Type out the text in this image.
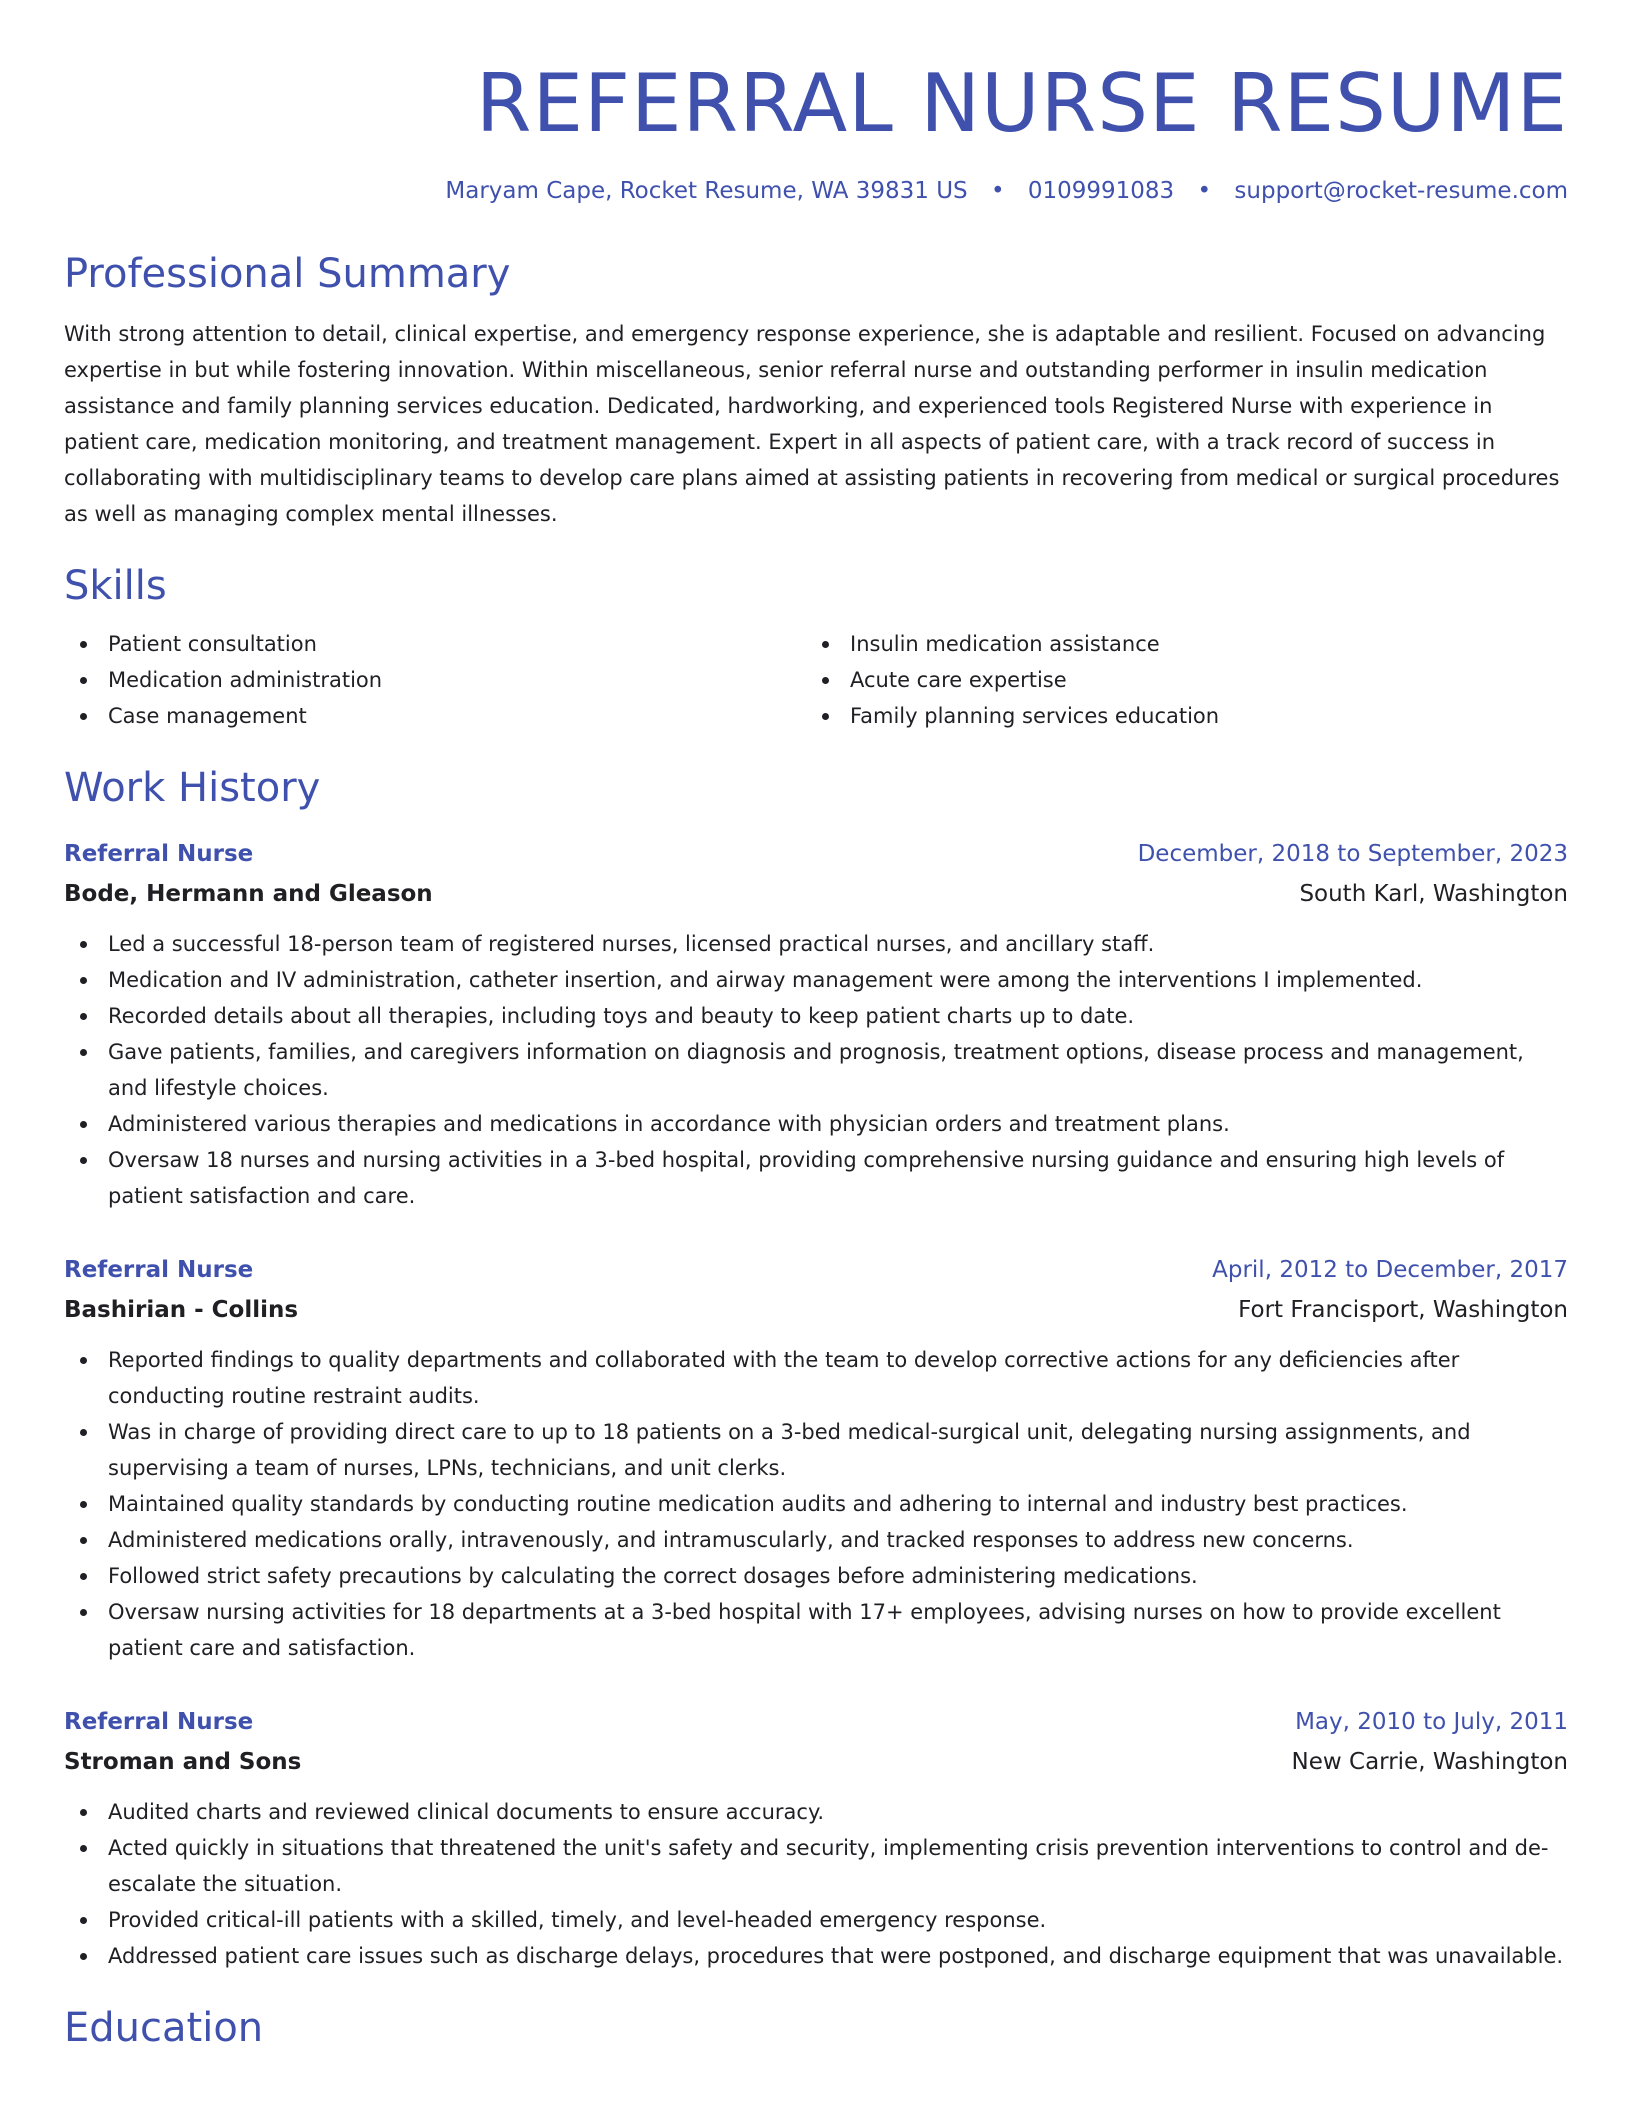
REFERRAL NURSE RESUME
Maryam Cape, Rocket Resume, WA 39831 US • 0109991083 • support@rocket-resume.com
Professional Summary

With strong attention to detail, clinical expertise, and emergency response experience, she is adaptable and resilient. Focused on advancing expertise in but while fostering innovation. Within miscellaneous, senior referral nurse and outstanding performer in insulin medication assistance and family planning services education. Dedicated, hardworking, and experienced tools Registered Nurse with experience in patient care, medication monitoring, and treatment management. Expert in all aspects of patient care, with a track record of success in collaborating with multidisciplinary teams to develop care plans aimed at assisting patients in recovering from medical or surgical procedures as well as managing complex mental illnesses.

Skills
Patient consultation
Medication administration
Case management
Insulin medication assistance
Acute care expertise
Family planning services education
Work History
Referral Nurse	December, 2018 to September, 2023
Bode, Hermann and Gleason	South Karl, Washington
Led a successful 18-person team of registered nurses, licensed practical nurses, and ancillary staff.
Medication and IV administration, catheter insertion, and airway management were among the interventions I implemented.
Recorded details about all therapies, including toys and beauty to keep patient charts up to date.
Gave patients, families, and caregivers information on diagnosis and prognosis, treatment options, disease process and management, and lifestyle choices.
Administered various therapies and medications in accordance with physician orders and treatment plans.
Oversaw 18 nurses and nursing activities in a 3-bed hospital, providing comprehensive nursing guidance and ensuring high levels of patient satisfaction and care.
Referral Nurse	April, 2012 to December, 2017
Bashirian - Collins	Fort Francisport, Washington
Reported findings to quality departments and collaborated with the team to develop corrective actions for any deficiencies after conducting routine restraint audits.
Was in charge of providing direct care to up to 18 patients on a 3-bed medical-surgical unit, delegating nursing assignments, and supervising a team of nurses, LPNs, technicians, and unit clerks.
Maintained quality standards by conducting routine medication audits and adhering to internal and industry best practices.
Administered medications orally, intravenously, and intramuscularly, and tracked responses to address new concerns.
Followed strict safety precautions by calculating the correct dosages before administering medications.
Oversaw nursing activities for 18 departments at a 3-bed hospital with 17+ employees, advising nurses on how to provide excellent patient care and satisfaction.
Referral Nurse	May, 2010 to July, 2011
Stroman and Sons	New Carrie, Washington
Audited charts and reviewed clinical documents to ensure accuracy.
Acted quickly in situations that threatened the unit's safety and security, implementing crisis prevention interventions to control and de-escalate the situation.
Provided critical-ill patients with a skilled, timely, and level-headed emergency response.
Addressed patient care issues such as discharge delays, procedures that were postponed, and discharge equipment that was unavailable.
Education
